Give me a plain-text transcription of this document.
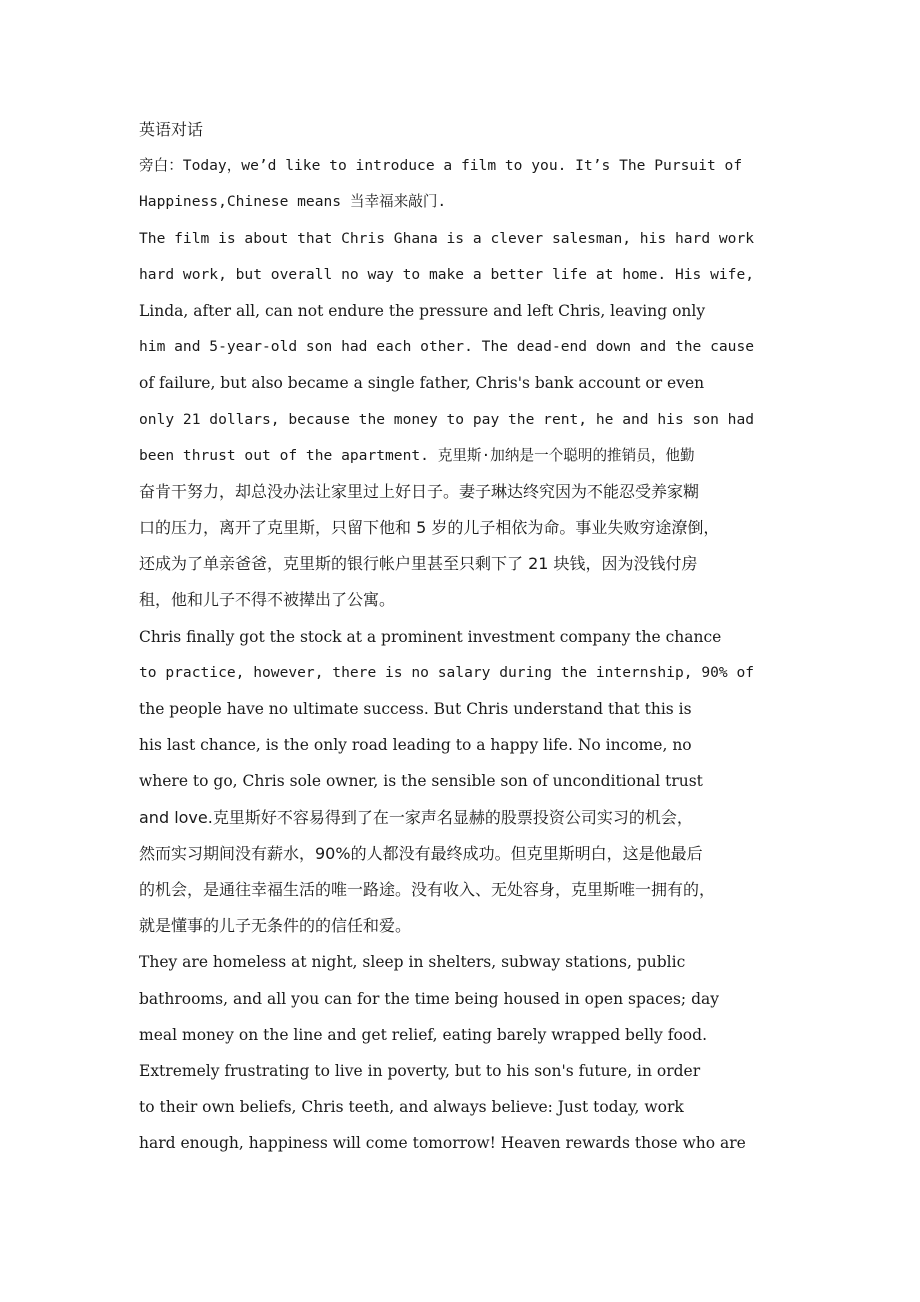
英语对话
旁白：Today，we’d like to introduce a film to you. It’s The Pursuit of
Happiness,Chinese means 当幸福来敲门.
The film is about that Chris Ghana is a clever salesman, his hard work
hard work, but overall no way to make a better life at home. His wife,
Linda, after all, can not endure the pressure and left Chris, leaving only
him and 5-year-old son had each other. The dead-end down and the cause
of failure, but also became a single father, Chris's bank account or even
only 21 dollars, because the money to pay the rent, he and his son had
been thrust out of the apartment. 克里斯·加纳是一个聪明的推销员，他勤
奋肯干努力，却总没办法让家里过上好日子。妻子琳达终究因为不能忍受养家糊
口的压力，离开了克里斯，只留下他和 5 岁的儿子相依为命。事业失败穷途潦倒，
还成为了单亲爸爸，克里斯的银行帐户里甚至只剩下了 21 块钱，因为没钱付房
租，他和儿子不得不被撵出了公寓。
Chris finally got the stock at a prominent investment company the chance
to practice, however, there is no salary during the internship, 90% of
the people have no ultimate success. But Chris understand that this is
his last chance, is the only road leading to a happy life. No income, no
where to go, Chris sole owner, is the sensible son of unconditional trust
and love.克里斯好不容易得到了在一家声名显赫的股票投资公司实习的机会，
然而实习期间没有薪水，90%的人都没有最终成功。但克里斯明白，这是他最后
的机会，是通往幸福生活的唯一路途。没有收入、无处容身，克里斯唯一拥有的，
就是懂事的儿子无条件的的信任和爱。
They are homeless at night, sleep in shelters, subway stations, public
bathrooms, and all you can for the time being housed in open spaces; day
meal money on the line and get relief, eating barely wrapped belly food.
Extremely frustrating to live in poverty, but to his son's future, in order
to their own beliefs, Chris teeth, and always believe: Just today, work
hard enough, happiness will come tomorrow! Heaven rewards those who are
